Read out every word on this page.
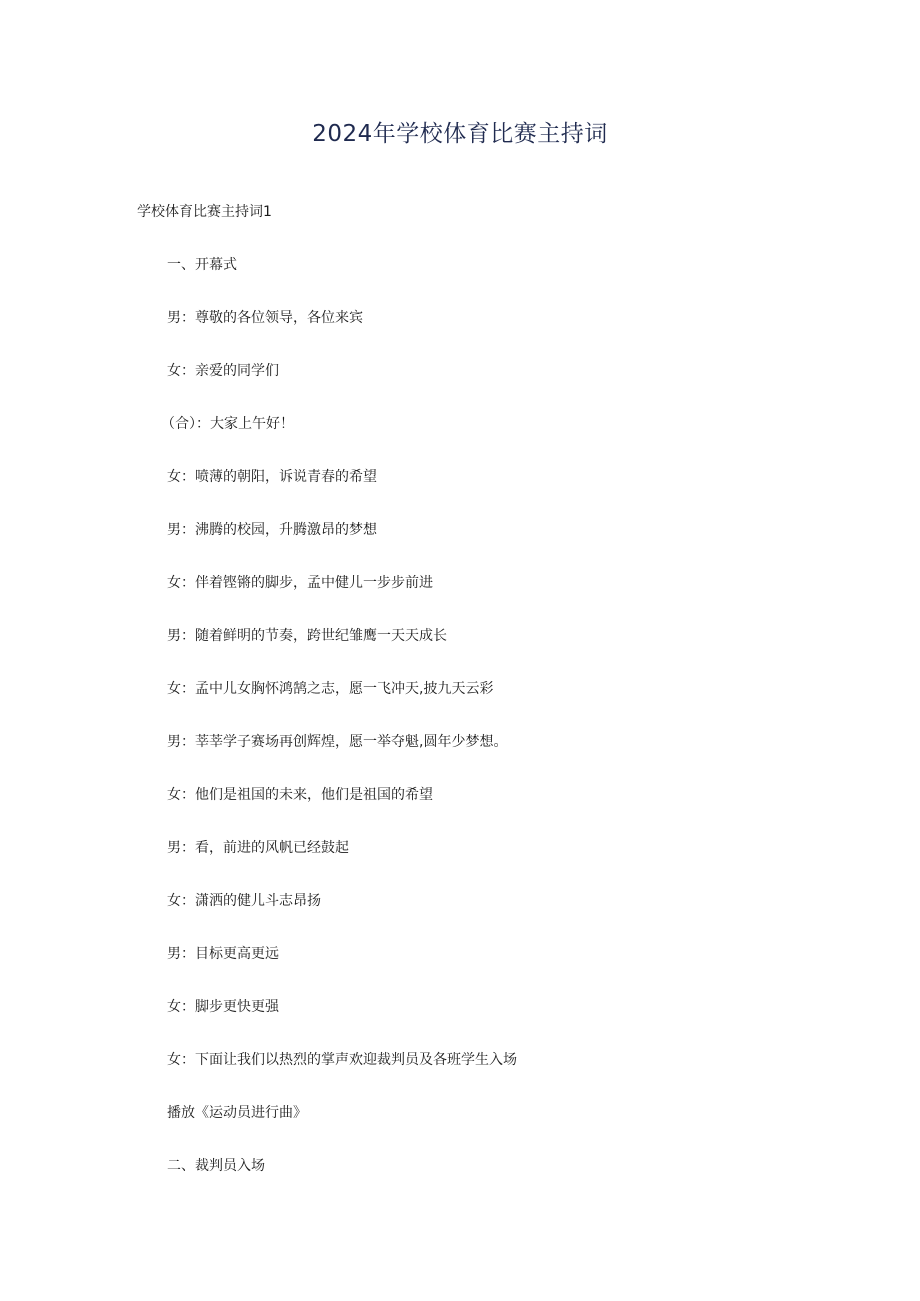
2024年学校体育比赛主持词
学校体育比赛主持词1
一、开幕式
男：尊敬的各位领导，各位来宾
女：亲爱的同学们
（合）：大家上午好！
女：喷薄的朝阳，诉说青春的希望
男：沸腾的校园，升腾激昂的梦想
女：伴着铿锵的脚步，孟中健儿一步步前进
男：随着鲜明的节奏，跨世纪雏鹰一天天成长
女：孟中儿女胸怀鸿鹄之志，愿一飞冲天,披九天云彩
男：莘莘学子赛场再创辉煌，愿一举夺魁,圆年少梦想。
女：他们是祖国的未来，他们是祖国的希望
男：看，前进的风帆已经鼓起
女：潇洒的健儿斗志昂扬
男：目标更高更远
女：脚步更快更强
女：下面让我们以热烈的掌声欢迎裁判员及各班学生入场
播放《运动员进行曲》
二、裁判员入场
